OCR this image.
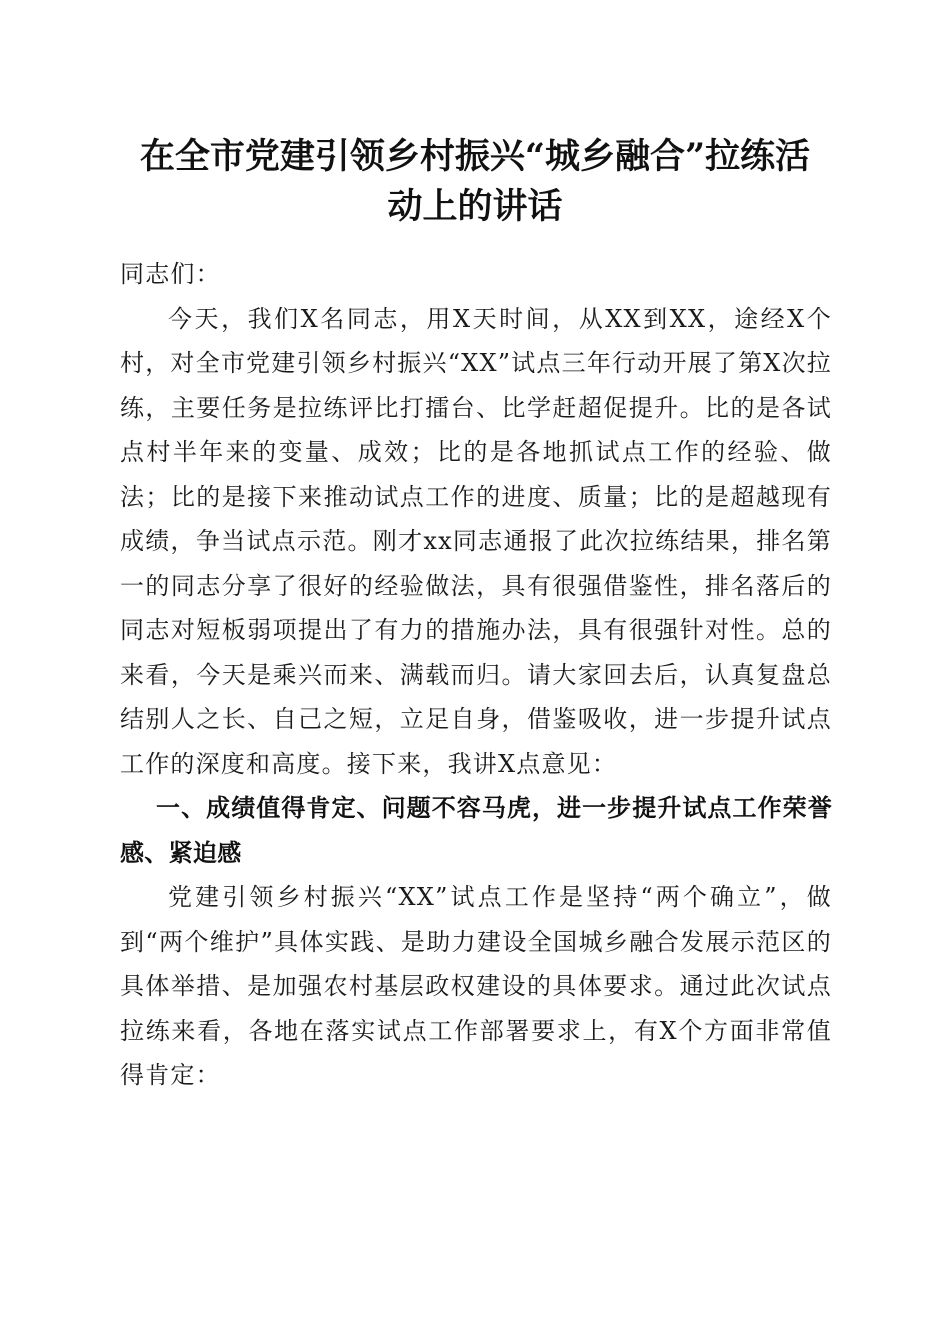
在全市党建引领乡村振兴“城乡融合”拉练活
动上的讲话

同志们：

今天，我们X名同志，用X天时间，从XX到XX，途经X个村，对全市党建引领乡村振兴“XX”试点三年行动开展了第X次拉练，主要任务是拉练评比打擂台、比学赶超促提升。比的是各试点村半年来的变量、成效；比的是各地抓试点工作的经验、做法；比的是接下来推动试点工作的进度、质量；比的是超越现有成绩，争当试点示范。刚才xx同志通报了此次拉练结果，排名第一的同志分享了很好的经验做法，具有很强借鉴性，排名落后的同志对短板弱项提出了有力的措施办法，具有很强针对性。总的来看，今天是乘兴而来、满载而归。请大家回去后，认真复盘总结别人之长、自己之短，立足自身，借鉴吸收，进一步提升试点工作的深度和高度。接下来，我讲X点意见：

一、成绩值得肯定、问题不容马虎，进一步提升试点工作荣誉感、紧迫感

党建引领乡村振兴“XX”试点工作是坚持“两个确立”，做到“两个维护”具体实践、是助力建设全国城乡融合发展示范区的具体举措、是加强农村基层政权建设的具体要求。通过此次试点拉练来看，各地在落实试点工作部署要求上，有X个方面非常值得肯定：
